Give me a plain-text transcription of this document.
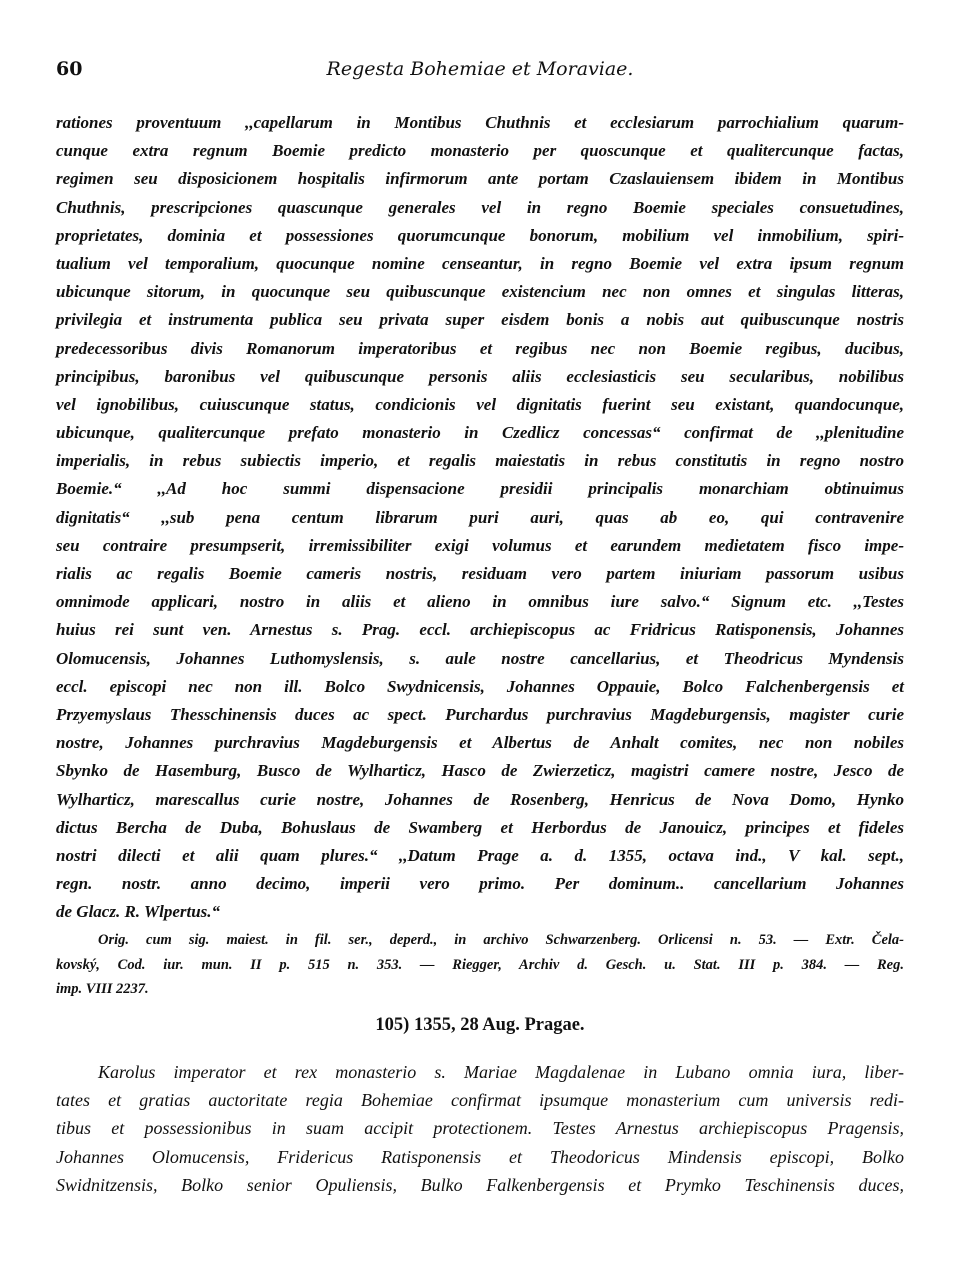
60	Regesta Bohemiae et Moraviae.
rationes proventuum ,,capellarum in Montibus Chuthnis et ecclesiarum parrochialium quarum-
cunque extra regnum Boemie predicto monasterio per quoscunque et qualitercunque factas,
regimen seu disposicionem hospitalis infirmorum ante portam Czaslauiensem ibidem in Montibus
Chuthnis, prescripciones quascunque generales vel in regno Boemie speciales consuetudines,
proprietates, dominia et possessiones quorumcunque bonorum, mobilium vel inmobilium, spiri-
tualium vel temporalium, quocunque nomine censeantur, in regno Boemie vel extra ipsum regnum
ubicunque sitorum, in quocunque seu quibuscunque existencium nec non omnes et singulas litteras,
privilegia et instrumenta publica seu privata super eisdem bonis a nobis aut quibuscunque nostris
predecessoribus divis Romanorum imperatoribus et regibus nec non Boemie regibus, ducibus,
principibus, baronibus vel quibuscunque personis aliis ecclesiasticis seu secularibus, nobilibus
vel ignobilibus, cuiuscunque status, condicionis vel dignitatis fuerint seu existant, quandocunque,
ubicunque, qualitercunque prefato monasterio in Czedlicz concessas“ confirmat de ,,plenitudine
imperialis, in rebus subiectis imperio, et regalis maiestatis in rebus constitutis in regno nostro
Boemie.“ ,,Ad hoc summi dispensacione presidii principalis monarchiam obtinuimus
dignitatis“ ,,sub pena centum librarum puri auri, quas ab eo, qui contravenire
seu contraire presumpserit, irremissibiliter exigi volumus et earundem medietatem fisco impe-
rialis ac regalis Boemie cameris nostris, residuam vero partem iniuriam passorum usibus
omnimode applicari, nostro in aliis et alieno in omnibus iure salvo.“ Signum etc. ,,Testes
huius rei sunt ven. Arnestus s. Prag. eccl. archiepiscopus ac Fridricus Ratisponensis, Johannes
Olomucensis, Johannes Luthomyslensis, s. aule nostre cancellarius, et Theodricus Myndensis
eccl. episcopi nec non ill. Bolco Swydnicensis, Johannes Oppauie, Bolco Falchenbergensis et
Przyemyslaus Thesschinensis duces ac spect. Purchardus purchravius Magdeburgensis, magister curie
nostre, Johannes purchravius Magdeburgensis et Albertus de Anhalt comites, nec non nobiles
Sbynko de Hasemburg, Busco de Wylharticz, Hasco de Zwierzeticz, magistri camere nostre, Jesco de
Wylharticz, marescallus curie nostre, Johannes de Rosenberg, Henricus de Nova Domo, Hynko
dictus Bercha de Duba, Bohuslaus de Swamberg et Herbordus de Janouicz, principes et fideles
nostri dilecti et alii quam plures.“ ,,Datum Prage a. d. 1355, octava ind., V kal. sept.,
regn. nostr. anno decimo, imperii vero primo. Per dominum.. cancellarium Johannes
de Glacz. R. Wlpertus.“
Orig. cum sig. maiest. in fil. ser., deperd., in archivo Schwarzenberg. Orlicensi n. 53. — Extr. Čela-
kovský, Cod. iur. mun. II p. 515 n. 353. — Riegger, Archiv d. Gesch. u. Stat. III p. 384. — Reg.
imp. VIII 2237.
105) 1355, 28 Aug. Pragae.
Karolus imperator et rex monasterio s. Mariae Magdalenae in Lubano omnia iura, liber-
tates et gratias auctoritate regia Bohemiae confirmat ipsumque monasterium cum universis redi-
tibus et possessionibus in suam accipit protectionem. Testes Arnestus archiepiscopus Pragensis,
Johannes Olomucensis, Fridericus Ratisponensis et Theodoricus Mindensis episcopi, Bolko
Swidnitzensis, Bolko senior Opuliensis, Bulko Falkenbergensis et Prymko Teschinensis duces,
